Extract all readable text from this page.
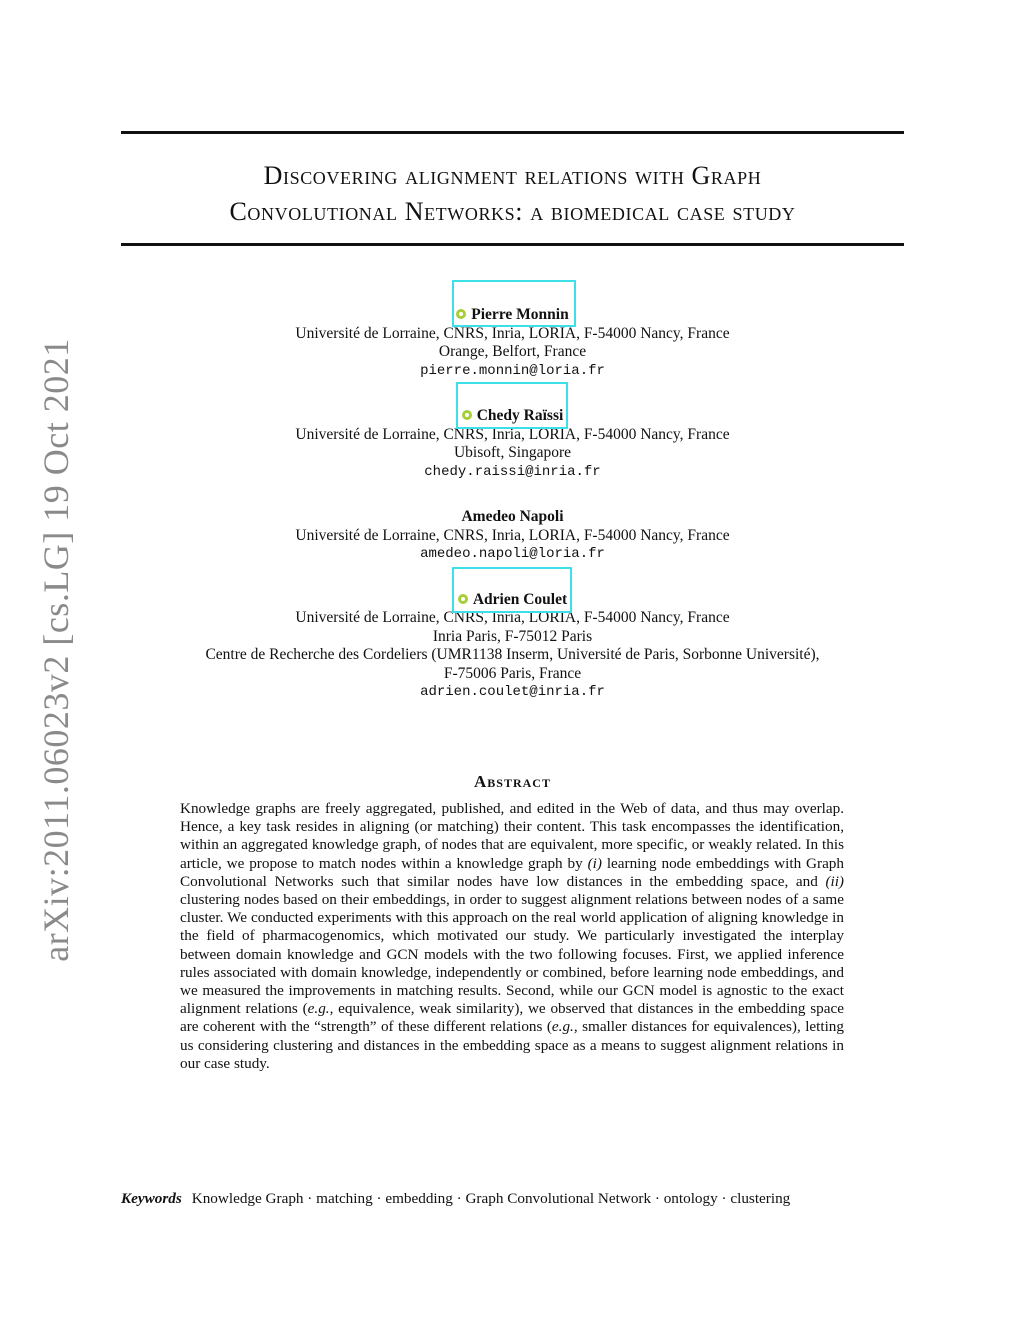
Discovering alignment relations with Graph
Convolutional Networks: a biomedical case study
arXiv:2011.06023v2 [cs.LG] 19 Oct 2021
Pierre Monnin
Université de Lorraine, CNRS, Inria, LORIA, F-54000 Nancy, France
Orange, Belfort, France
pierre.monnin@loria.fr
Chedy Raïssi
Université de Lorraine, CNRS, Inria, LORIA, F-54000 Nancy, France
Ubisoft, Singapore
chedy.raissi@inria.fr
Amedeo Napoli
Université de Lorraine, CNRS, Inria, LORIA, F-54000 Nancy, France
amedeo.napoli@loria.fr
Adrien Coulet
Université de Lorraine, CNRS, Inria, LORIA, F-54000 Nancy, France
Inria Paris, F-75012 Paris
Centre de Recherche des Cordeliers (UMR1138 Inserm, Université de Paris, Sorbonne Université),
F-75006 Paris, France
adrien.coulet@inria.fr
Abstract
Knowledge graphs are freely aggregated, published, and edited in the Web of data, and thus may overlap. Hence, a key task resides in aligning (or matching) their content. This task encompasses the identification, within an aggregated knowledge graph, of nodes that are equivalent, more specific, or weakly related. In this article, we propose to match nodes within a knowledge graph by (i) learning node embeddings with Graph Convolutional Networks such that similar nodes have low distances in the embedding space, and (ii) clustering nodes based on their embeddings, in order to suggest alignment relations between nodes of a same cluster. We conducted experiments with this approach on the real world application of aligning knowledge in the field of pharmacogenomics, which motivated our study. We particularly investigated the interplay between domain knowledge and GCN models with the two following focuses. First, we applied inference rules associated with domain knowledge, independently or combined, before learning node embeddings, and we measured the improvements in matching results. Second, while our GCN model is agnostic to the exact alignment relations (e.g., equivalence, weak similarity), we observed that distances in the embedding space are coherent with the “strength” of these different relations (e.g., smaller distances for equivalences), letting us considering clustering and distances in the embedding space as a means to suggest alignment relations in our case study.
Keywords Knowledge Graph · matching · embedding · Graph Convolutional Network · ontology · clustering
